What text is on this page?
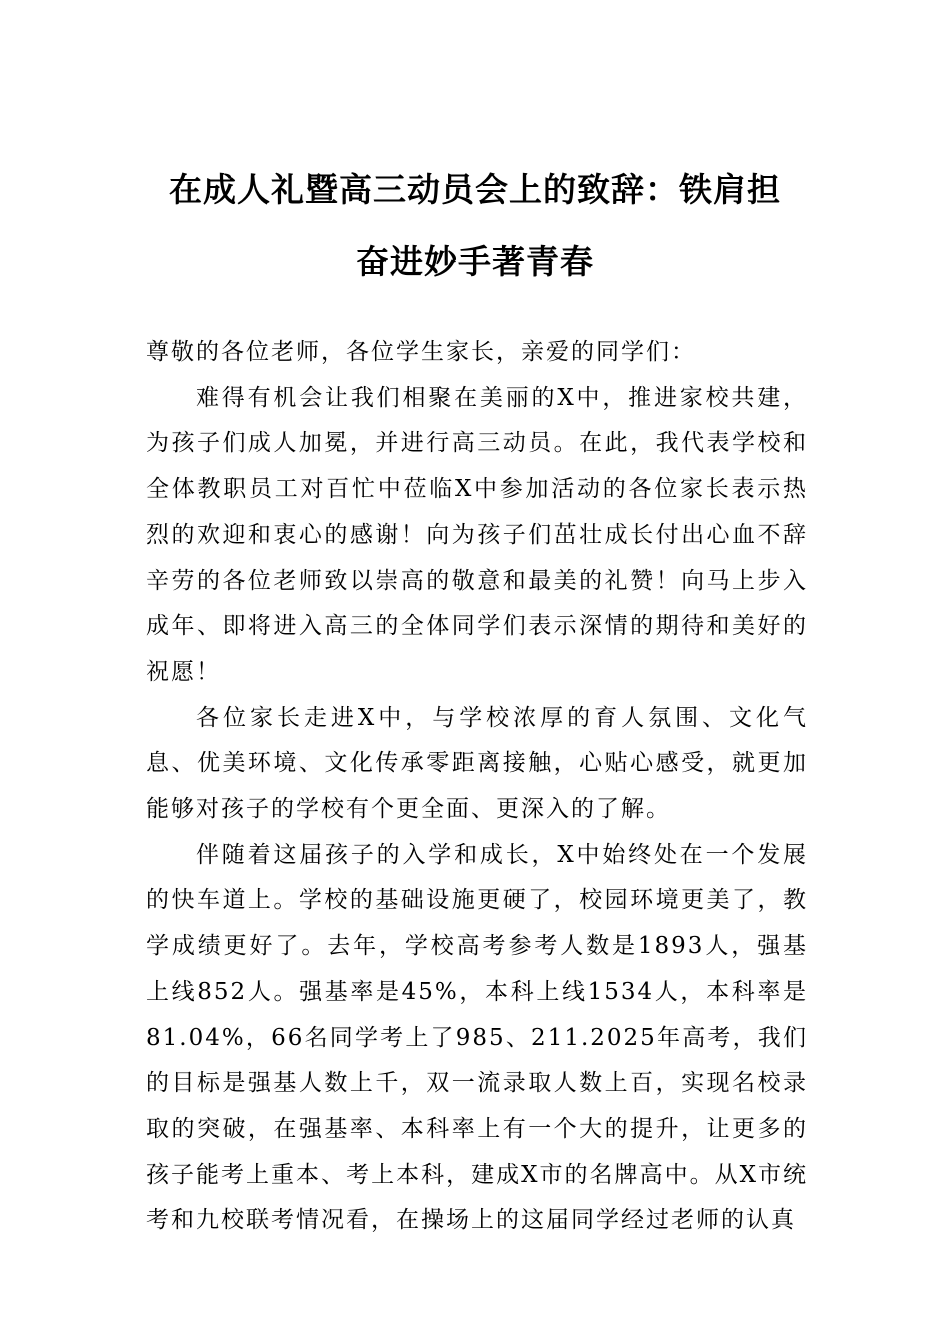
在成人礼暨高三动员会上的致辞：铁肩担
奋进妙手著青春

尊敬的各位老师，各位学生家长，亲爱的同学们：

难得有机会让我们相聚在美丽的X中，推进家校共建，为孩子们成人加冕，并进行高三动员。在此，我代表学校和全体教职员工对百忙中莅临X中参加活动的各位家长表示热烈的欢迎和衷心的感谢！向为孩子们茁壮成长付出心血不辞辛劳的各位老师致以崇高的敬意和最美的礼赞！向马上步入成年、即将进入高三的全体同学们表示深情的期待和美好的祝愿！

各位家长走进X中，与学校浓厚的育人氛围、文化气息、优美环境、文化传承零距离接触，心贴心感受，就更加能够对孩子的学校有个更全面、更深入的了解。

伴随着这届孩子的入学和成长，X中始终处在一个发展的快车道上。学校的基础设施更硬了，校园环境更美了，教学成绩更好了。去年，学校高考参考人数是1893人，强基上线852人。强基率是45%，本科上线1534人，本科率是81.04%，66名同学考上了985、211.2025年高考，我们的目标是强基人数上千，双一流录取人数上百，实现名校录取的突破，在强基率、本科率上有一个大的提升，让更多的孩子能考上重本、考上本科，建成X市的名牌高中。从X市统考和九校联考情况看，在操场上的这届同学经过老师的认真
